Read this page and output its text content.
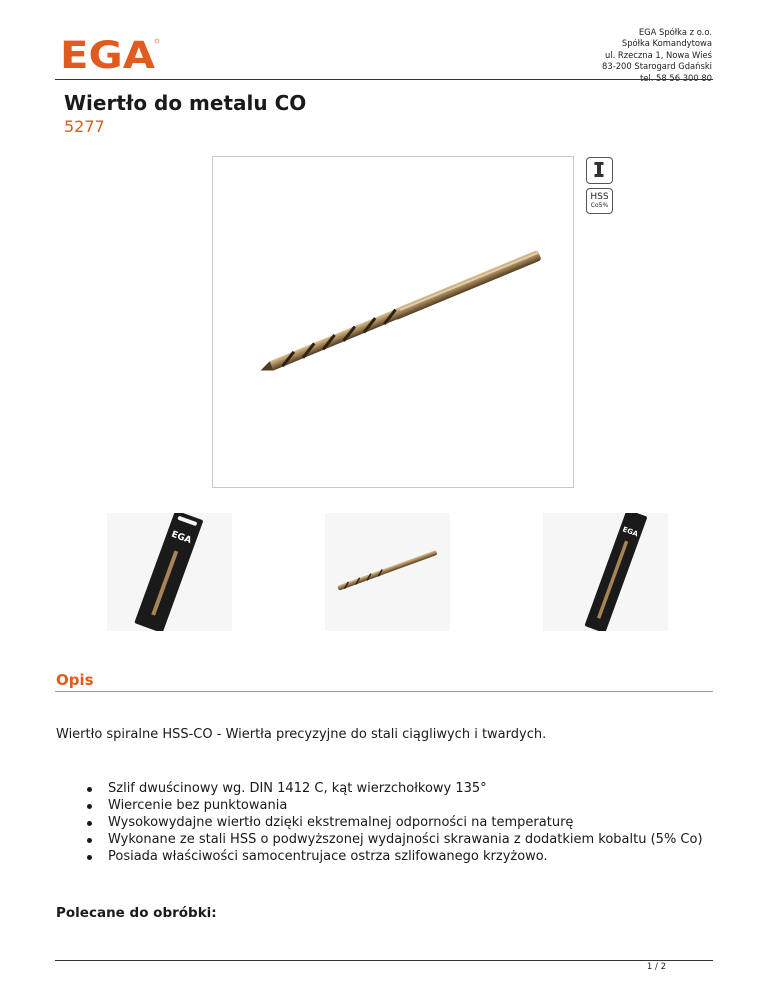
EGA
EGA Spółka z o.o.
Spółka Komandytowa
ul. Rzeczna 1, Nowa Wieś
83-200 Starogard Gdański
tel. 58 56 300 80
Wiertło do metalu CO
5277
HSS
Co5%
EGA	EGA
Opis
Wiertło spiralne HSS-CO - Wiertła precyzyjne do stali ciągliwych i twardych.
Szlif dwuścinowy wg. DIN 1412 C, kąt wierzchołkowy 135°
Wiercenie bez punktowania
Wysokowydajne wiertło dzięki ekstremalnej odporności na temperaturę
Wykonane ze stali HSS o podwyższonej wydajności skrawania z dodatkiem kobaltu (5% Co)
Posiada właściwości samocentrujace ostrza szlifowanego krzyżowo.
Polecane do obróbki:
1 / 2
